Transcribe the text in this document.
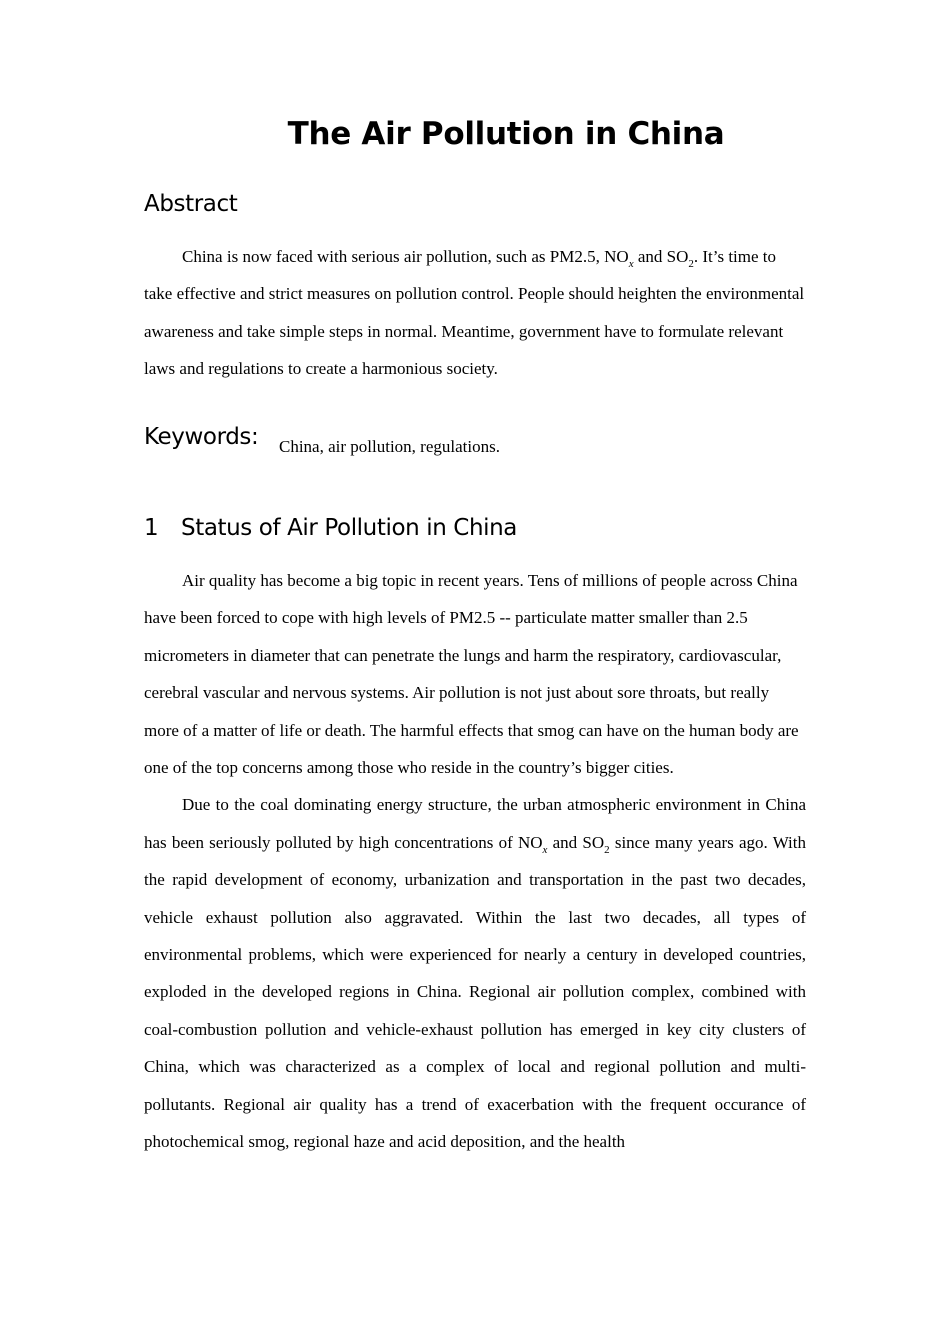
The Air Pollution in China
Abstract

China is now faced with serious air pollution, such as PM2.5, $NO_x$ and $SO_2$. It’s time to take effective and strict measures on pollution control. People should heighten the environmental awareness and take simple steps in normal. Meantime, government have to formulate relevant laws and regulations to create a harmonious society.

Keywords: China, air pollution, regulations.
1 Status of Air Pollution in China

Air quality has become a big topic in recent years. Tens of millions of people across China have been forced to cope with high levels of PM2.5 -- particulate matter smaller than 2.5 micrometers in diameter that can penetrate the lungs and harm the respiratory, cardiovascular, cerebral vascular and nervous systems. Air pollution is not just about sore throats, but really more of a matter of life or death. The harmful effects that smog can have on the human body are one of the top concerns among those who reside in the country’s bigger cities.

Due to the coal dominating energy structure, the urban atmospheric environment in China has been seriously polluted by high concentrations of $NO_x$ and $SO_2$ since many years ago. With the rapid development of economy, urbanization and transportation in the past two decades, vehicle exhaust pollution also aggravated. Within the last two decades, all types of environmental problems, which were experienced for nearly a century in developed countries, exploded in the developed regions in China. Regional air pollution complex, combined with coal-combustion pollution and vehicle-exhaust pollution has emerged in key city clusters of China, which was characterized as a complex of local and regional pollution and multi-pollutants. Regional air quality has a trend of exacerbation with the frequent occurance of photochemical smog, regional haze and acid deposition, and the health
